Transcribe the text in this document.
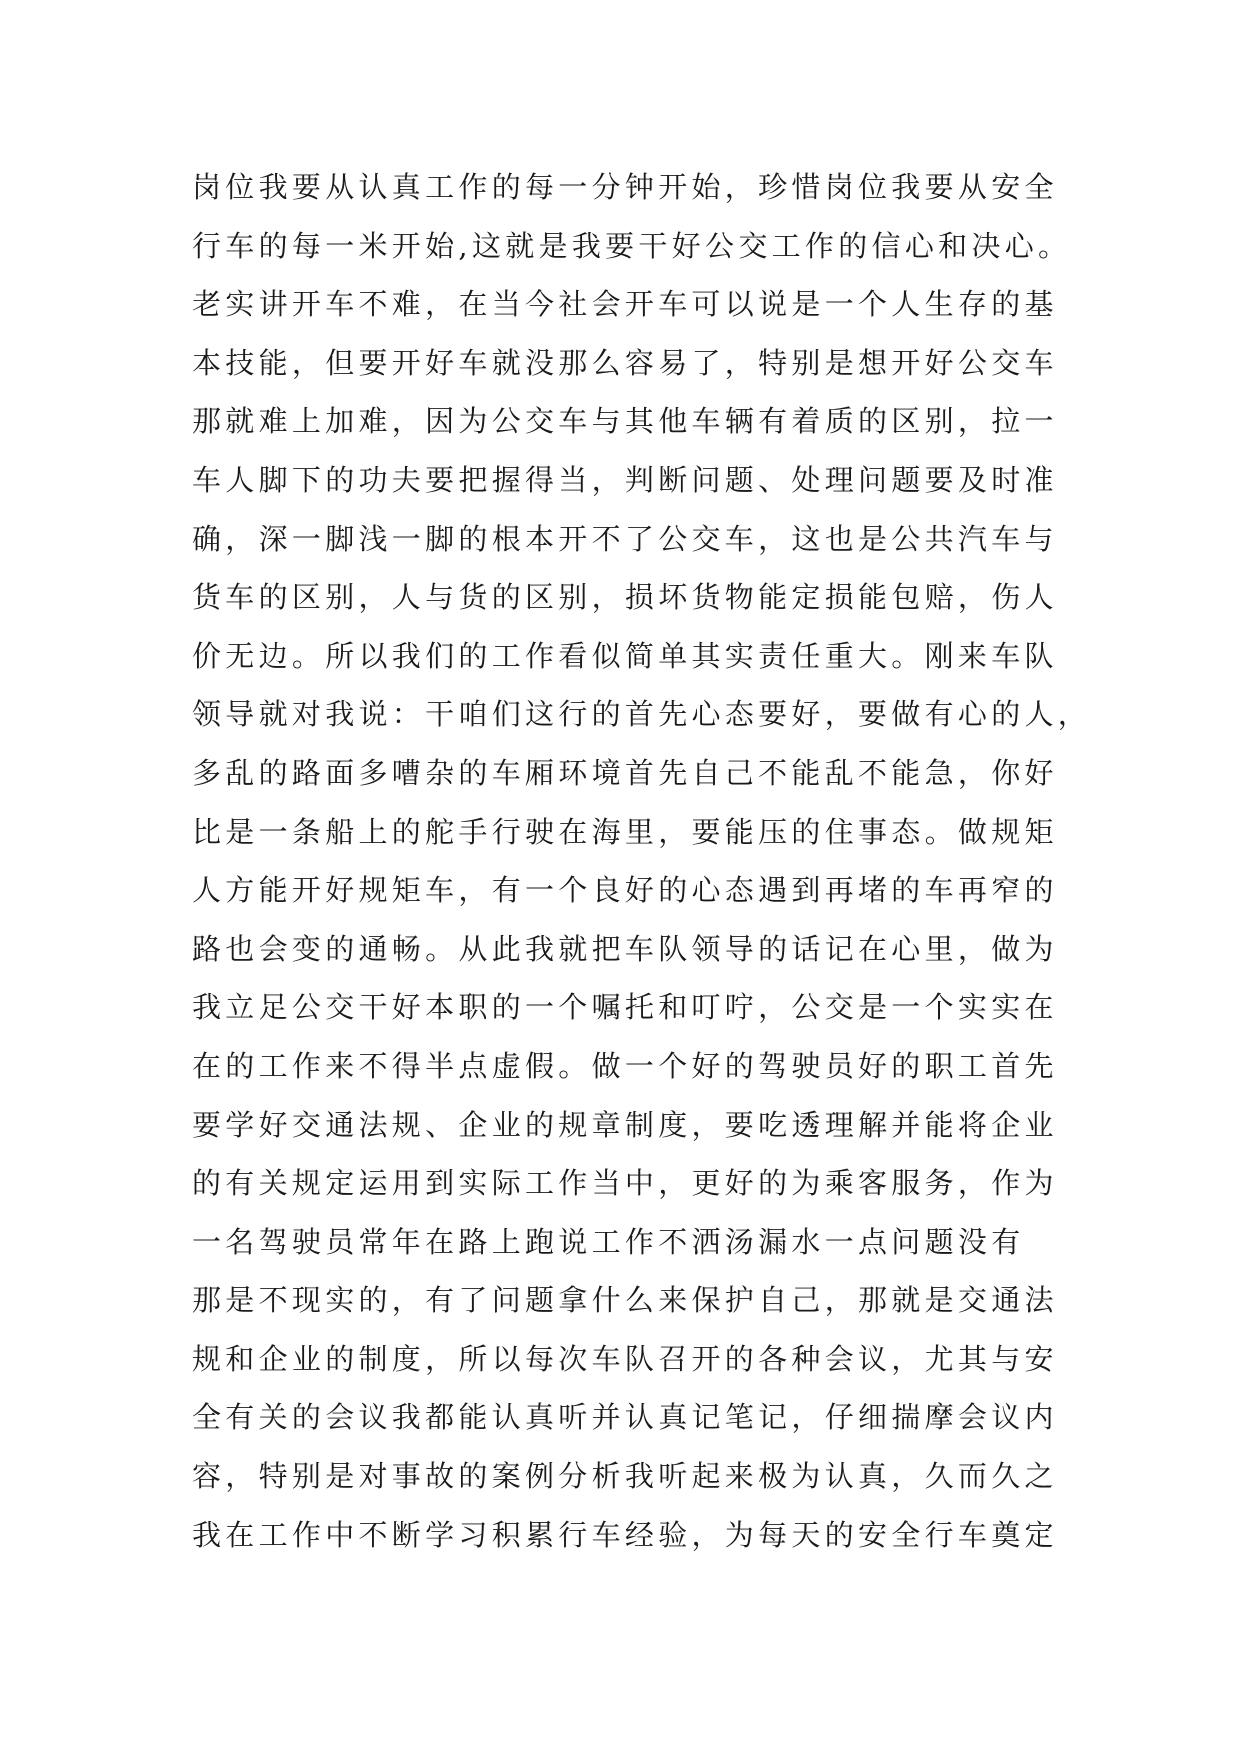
岗位我要从认真工作的每一分钟开始，珍惜岗位我要从安全
行车的每一米开始,这就是我要干好公交工作的信心和决心。
老实讲开车不难，在当今社会开车可以说是一个人生存的基
本技能，但要开好车就没那么容易了，特别是想开好公交车
那就难上加难，因为公交车与其他车辆有着质的区别，拉一
车人脚下的功夫要把握得当，判断问题、处理问题要及时准
确，深一脚浅一脚的根本开不了公交车，这也是公共汽车与
货车的区别，人与货的区别，损坏货物能定损能包赔，伤人
价无边。所以我们的工作看似简单其实责任重大。刚来车队
领导就对我说：干咱们这行的首先心态要好，要做有心的人，
多乱的路面多嘈杂的车厢环境首先自己不能乱不能急，你好
比是一条船上的舵手行驶在海里，要能压的住事态。做规矩
人方能开好规矩车，有一个良好的心态遇到再堵的车再窄的
路也会变的通畅。从此我就把车队领导的话记在心里，做为
我立足公交干好本职的一个嘱托和叮咛，公交是一个实实在
在的工作来不得半点虚假。做一个好的驾驶员好的职工首先
要学好交通法规、企业的规章制度，要吃透理解并能将企业
的有关规定运用到实际工作当中，更好的为乘客服务，作为
一名驾驶员常年在路上跑说工作不洒汤漏水一点问题没有
那是不现实的，有了问题拿什么来保护自己，那就是交通法
规和企业的制度，所以每次车队召开的各种会议，尤其与安
全有关的会议我都能认真听并认真记笔记，仔细揣摩会议内
容，特别是对事故的案例分析我听起来极为认真，久而久之
我在工作中不断学习积累行车经验，为每天的安全行车奠定
